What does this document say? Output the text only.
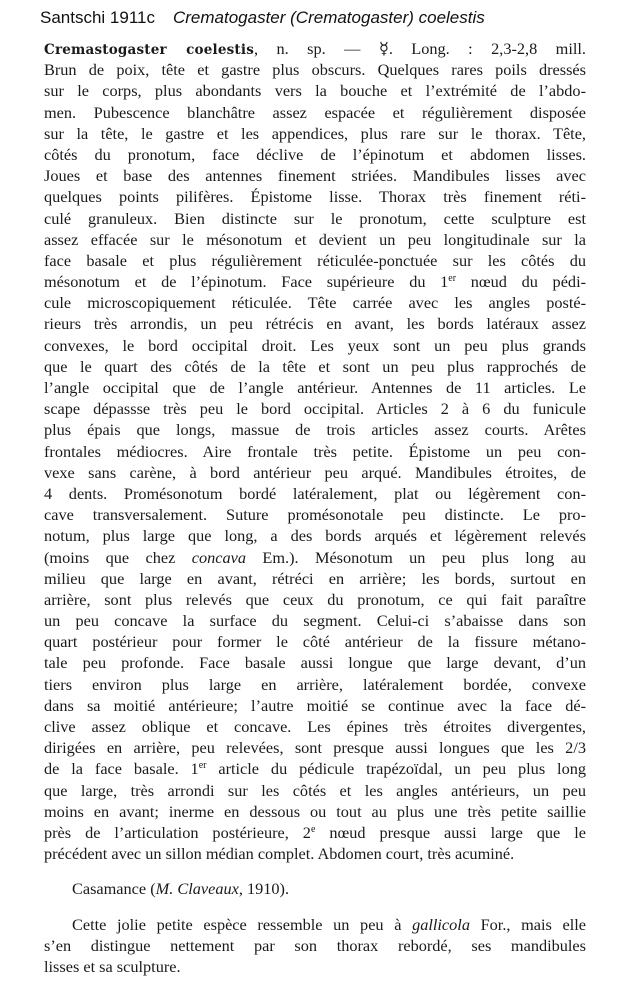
Santschi 1911c Crematogaster (Crematogaster) coelestis
Cremastogaster coelestis, n. sp. — ☿. Long. : 2,3-2,8 mill.
Brun de poix, tête et gastre plus obscurs. Quelques rares poils dressés
sur le corps, plus abondants vers la bouche et l’extrémité de l’abdo-
men. Pubescence blanchâtre assez espacée et régulièrement disposée
sur la tête, le gastre et les appendices, plus rare sur le thorax. Tête,
côtés du pronotum, face déclive de l’épinotum et abdomen lisses.
Joues et base des antennes finement striées. Mandibules lisses avec
quelques points pilifères. Épistome lisse. Thorax très finement réti-
culé granuleux. Bien distincte sur le pronotum, cette sculpture est
assez effacée sur le mésonotum et devient un peu longitudinale sur la
face basale et plus régulièrement réticulée-ponctuée sur les côtés du
mésonotum et de l’épinotum. Face supérieure du 1er nœud du pédi-
cule microscopiquement réticulée. Tête carrée avec les angles posté-
rieurs très arrondis, un peu rétrécis en avant, les bords latéraux assez
convexes, le bord occipital droit. Les yeux sont un peu plus grands
que le quart des côtés de la tête et sont un peu plus rapprochés de
l’angle occipital que de l’angle antérieur. Antennes de 11 articles. Le
scape dépassse très peu le bord occipital. Articles 2 à 6 du funicule
plus épais que longs, massue de trois articles assez courts. Arêtes
frontales médiocres. Aire frontale très petite. Épistome un peu con-
vexe sans carène, à bord antérieur peu arqué. Mandibules étroites, de
4 dents. Promésonotum bordé latéralement, plat ou légèrement con-
cave transversalement. Suture promésonotale peu distincte. Le pro-
notum, plus large que long, a des bords arqués et légèrement relevés
(moins que chez concava Em.). Mésonotum un peu plus long au
milieu que large en avant, rétréci en arrière; les bords, surtout en
arrière, sont plus relevés que ceux du pronotum, ce qui fait paraître
un peu concave la surface du segment. Celui-ci s’abaisse dans son
quart postérieur pour former le côté antérieur de la fissure métano-
tale peu profonde. Face basale aussi longue que large devant, d’un
tiers environ plus large en arrière, latéralement bordée, convexe
dans sa moitié antérieure; l’autre moitié se continue avec la face dé-
clive assez oblique et concave. Les épines très étroites divergentes,
dirigées en arrière, peu relevées, sont presque aussi longues que les 2/3
de la face basale. 1er article du pédicule trapézoïdal, un peu plus long
que large, très arrondi sur les côtés et les angles antérieurs, un peu
moins en avant; inerme en dessous ou tout au plus une très petite saillie
près de l’articulation postérieure, 2e nœud presque aussi large que le
précédent avec un sillon médian complet. Abdomen court, très acuminé.
Casamance (M. Claveaux, 1910).
Cette jolie petite espèce ressemble un peu à gallicola For., mais elle
s’en distingue nettement par son thorax rebordé, ses mandibules
lisses et sa sculpture.
